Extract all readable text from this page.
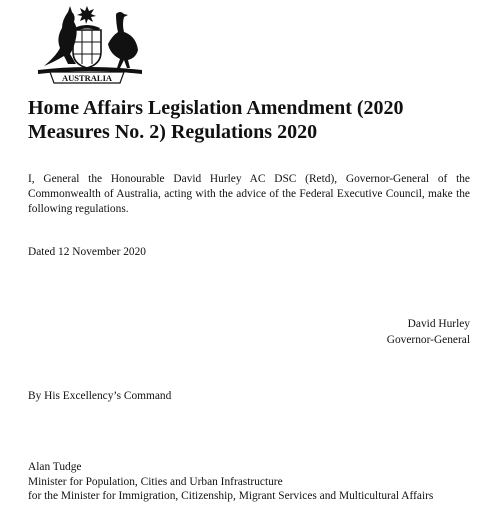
AUSTRALIA
Home Affairs Legislation Amendment (2020 Measures No. 2) Regulations 2020

I, General the Honourable David Hurley AC DSC (Retd), Governor-General of the Commonwealth of Australia, acting with the advice of the Federal Executive Council, make the following regulations.

Dated 12 November 2020
David Hurley
Governor-General
By His Excellency’s Command
Alan Tudge
Minister for Population, Cities and Urban Infrastructure
for the Minister for Immigration, Citizenship, Migrant Services and Multicultural Affairs
